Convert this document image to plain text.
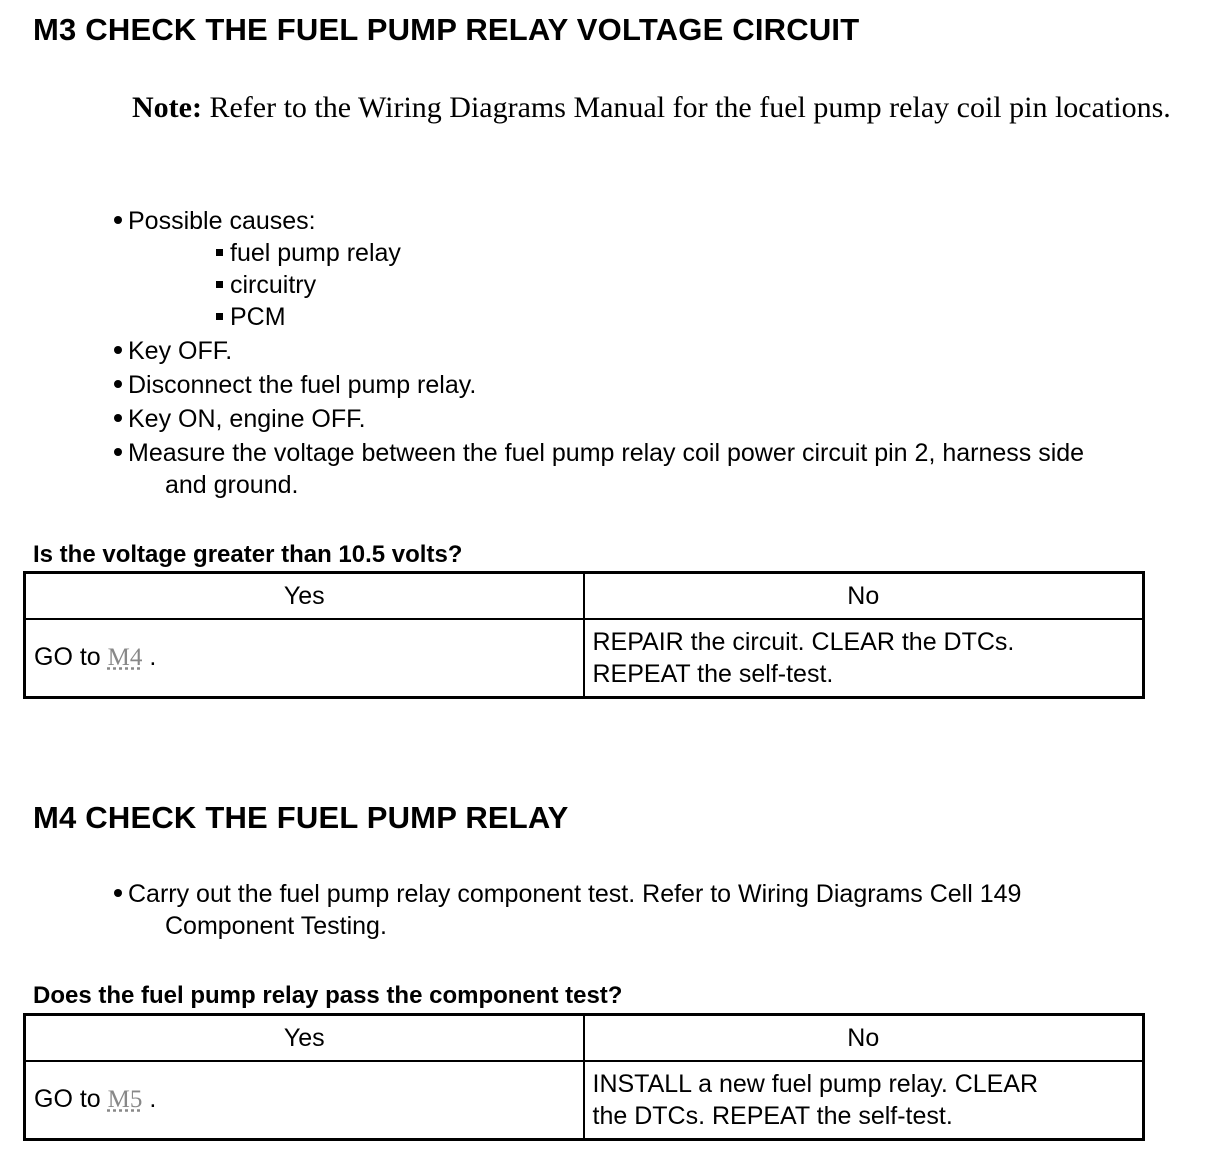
M3 CHECK THE FUEL PUMP RELAY VOLTAGE CIRCUIT
Note: Refer to the Wiring Diagrams Manual for the fuel pump relay coil pin locations.
Possible causes:
fuel pump relay
circuitry
PCM
Key OFF.
Disconnect the fuel pump relay.
Key ON, engine OFF.
Measure the voltage between the fuel pump relay coil power circuit pin 2, harness side
and ground.
Is the voltage greater than 10.5 volts?
Yes	No
GO to M4 .	REPAIR the circuit. CLEAR the DTCs.
REPEAT the self-test.
M4 CHECK THE FUEL PUMP RELAY
Carry out the fuel pump relay component test. Refer to Wiring Diagrams Cell 149
Component Testing.
Does the fuel pump relay pass the component test?
Yes	No
GO to M5 .	INSTALL a new fuel pump relay. CLEAR
the DTCs. REPEAT the self-test.
